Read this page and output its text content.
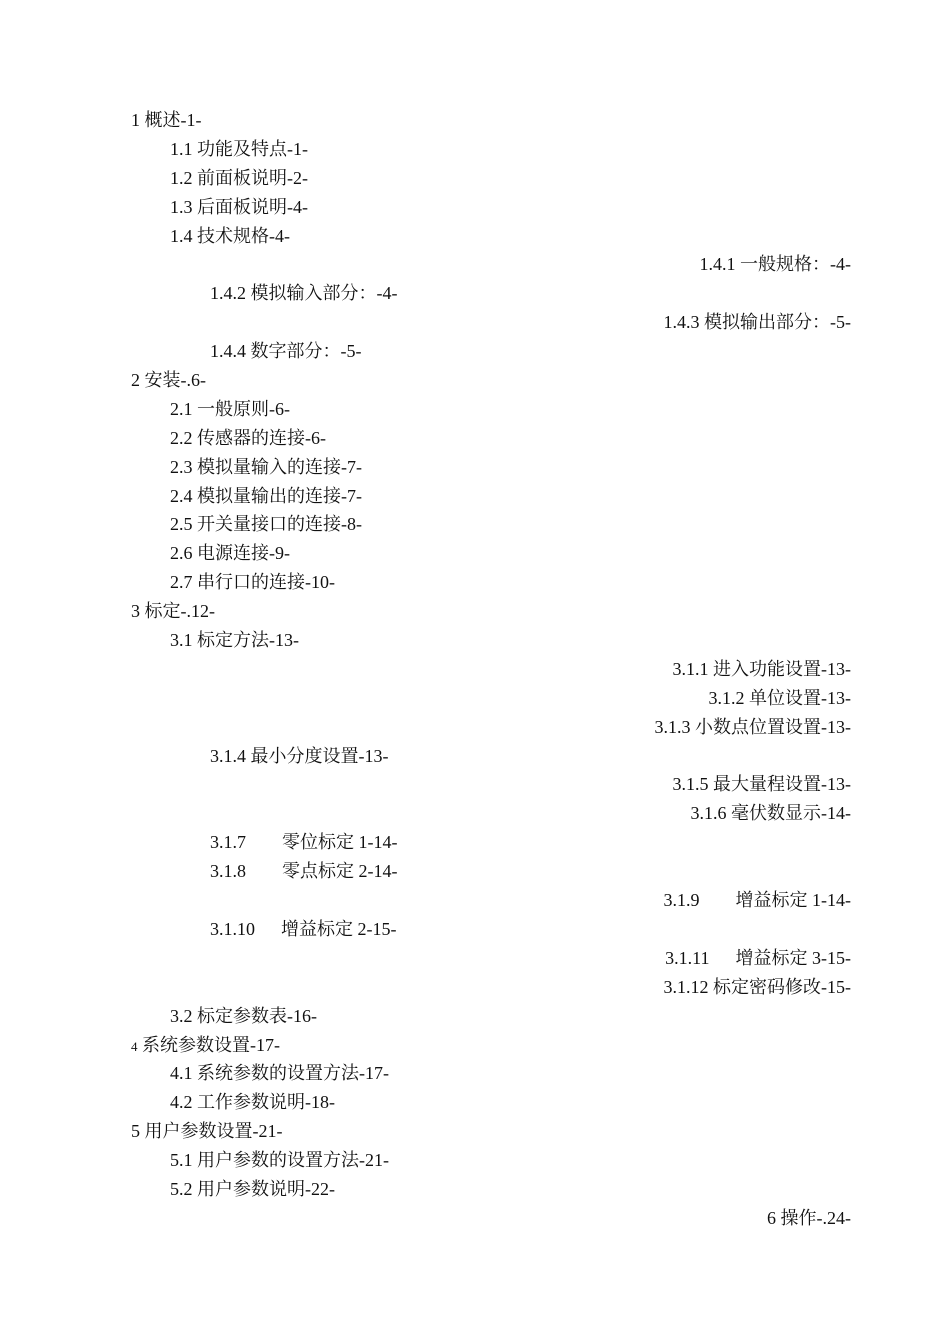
1 概述-1-
1.1 功能及特点-1-
1.2 前面板说明-2-
1.3 后面板说明-4-
1.4 技术规格-4-
1.4.1 一般规格：-4-
1.4.2 模拟输入部分：-4-
1.4.3 模拟输出部分：-5-
1.4.4 数字部分：-5-
2 安装-.6-
2.1 一般原则-6-
2.2 传感器的连接-6-
2.3 模拟量输入的连接-7-
2.4 模拟量输出的连接-7-
2.5 开关量接口的连接-8-
2.6 电源连接-9-
2.7 串行口的连接-10-
3 标定-.12-
3.1 标定方法-13-
3.1.1 进入功能设置-13-
3.1.2 单位设置-13-
3.1.3 小数点位置设置-13-
3.1.4 最小分度设置-13-
3.1.5 最大量程设置-13-
3.1.6 毫伏数显示-14-
3.1.7 零位标定 1-14-
3.1.8 零点标定 2-14-
3.1.9 增益标定 1-14-
3.1.10 增益标定 2-15-
3.1.11 增益标定 3-15-
3.1.12 标定密码修改-15-
3.2 标定参数表-16-
4 系统参数设置-17-
4.1 系统参数的设置方法-17-
4.2 工作参数说明-18-
5 用户参数设置-21-
5.1 用户参数的设置方法-21-
5.2 用户参数说明-22-
6 操作-.24-
